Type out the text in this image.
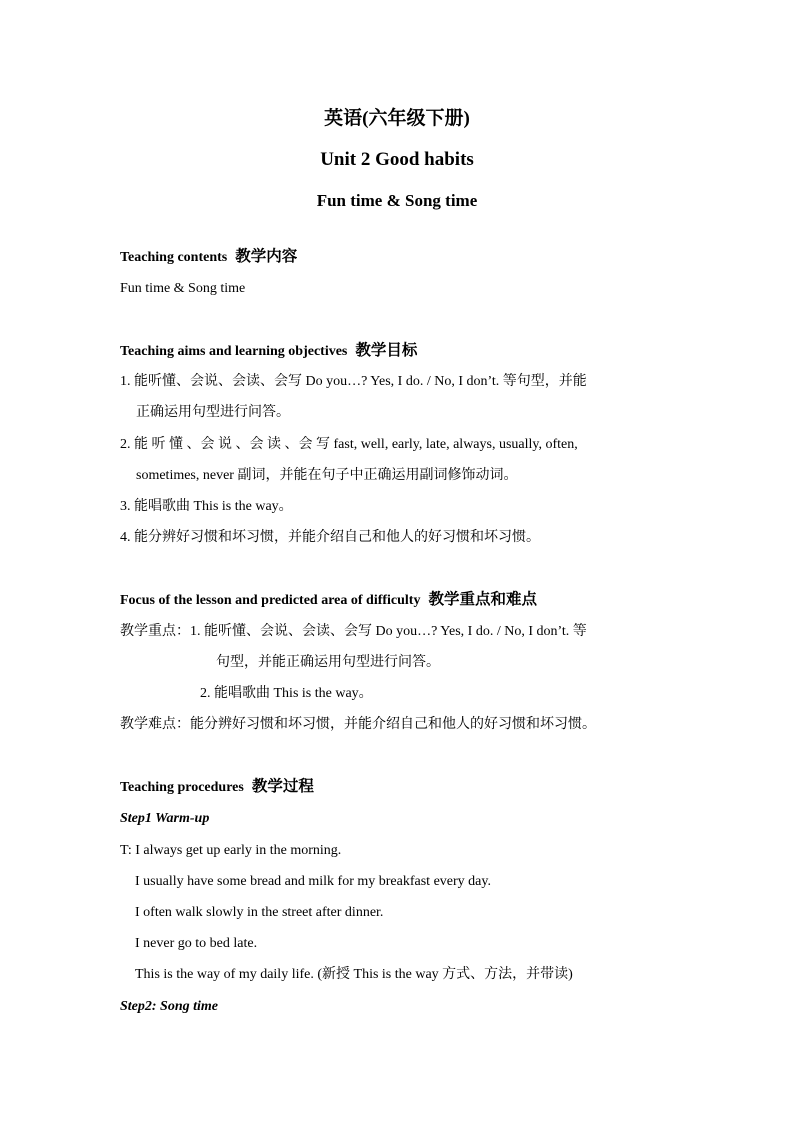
英语(六年级下册)
Unit 2 Good habits
Fun time & Song time
Teaching contents 教学内容
Fun time & Song time
Teaching aims and learning objectives 教学目标
1. 能听懂、会说、会读、会写 Do you…? Yes, I do. / No, I don’t. 等句型，并能
正确运用句型进行问答。
2. 能 听 懂 、会 说 、会 读 、会 写 fast, well, early, late, always, usually, often,
sometimes, never 副词，并能在句子中正确运用副词修饰动词。
3. 能唱歌曲 This is the way。
4. 能分辨好习惯和坏习惯，并能介绍自己和他人的好习惯和坏习惯。
Focus of the lesson and predicted area of difficulty 教学重点和难点
教学重点：1. 能听懂、会说、会读、会写 Do you…? Yes, I do. / No, I don’t. 等
句型，并能正确运用句型进行问答。
2. 能唱歌曲 This is the way。
教学难点：能分辨好习惯和坏习惯，并能介绍自己和他人的好习惯和坏习惯。
Teaching procedures 教学过程
Step1 Warm-up
T: I always get up early in the morning.
I usually have some bread and milk for my breakfast every day.
I often walk slowly in the street after dinner.
I never go to bed late.
This is the way of my daily life. (新授 This is the way 方式、方法，并带读)
Step2: Song time
